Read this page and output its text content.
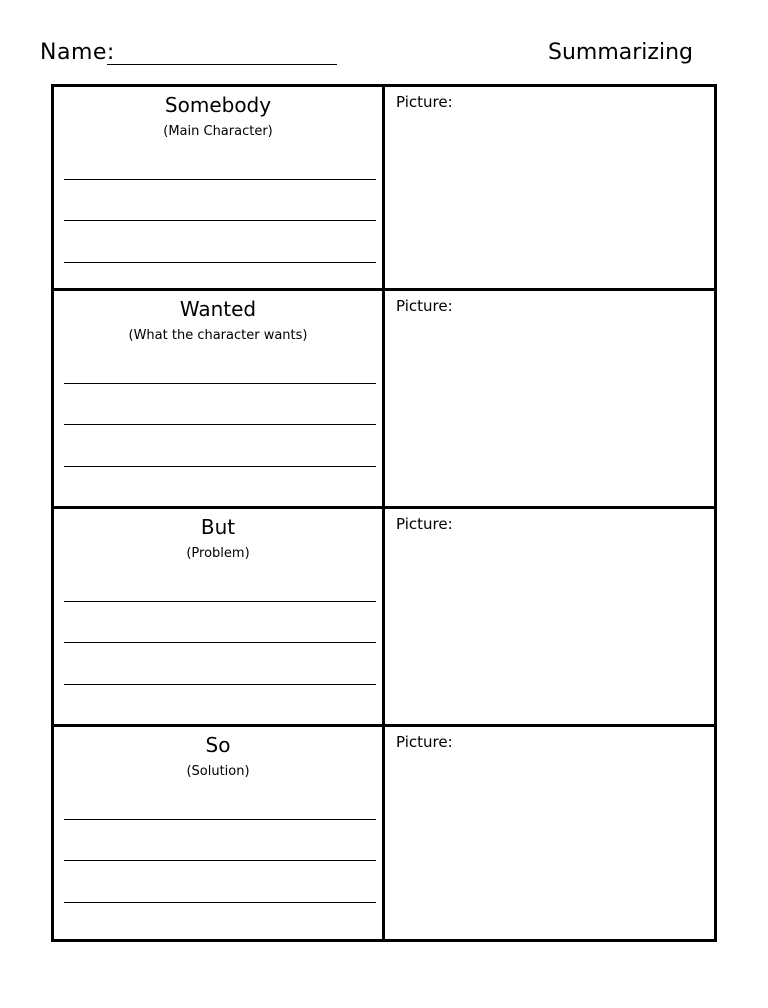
Name:	Summarizing
Somebody
(Main Character)
Picture:
Wanted
(What the character wants)
Picture:
But
(Problem)
Picture:
So
(Solution)
Picture:
